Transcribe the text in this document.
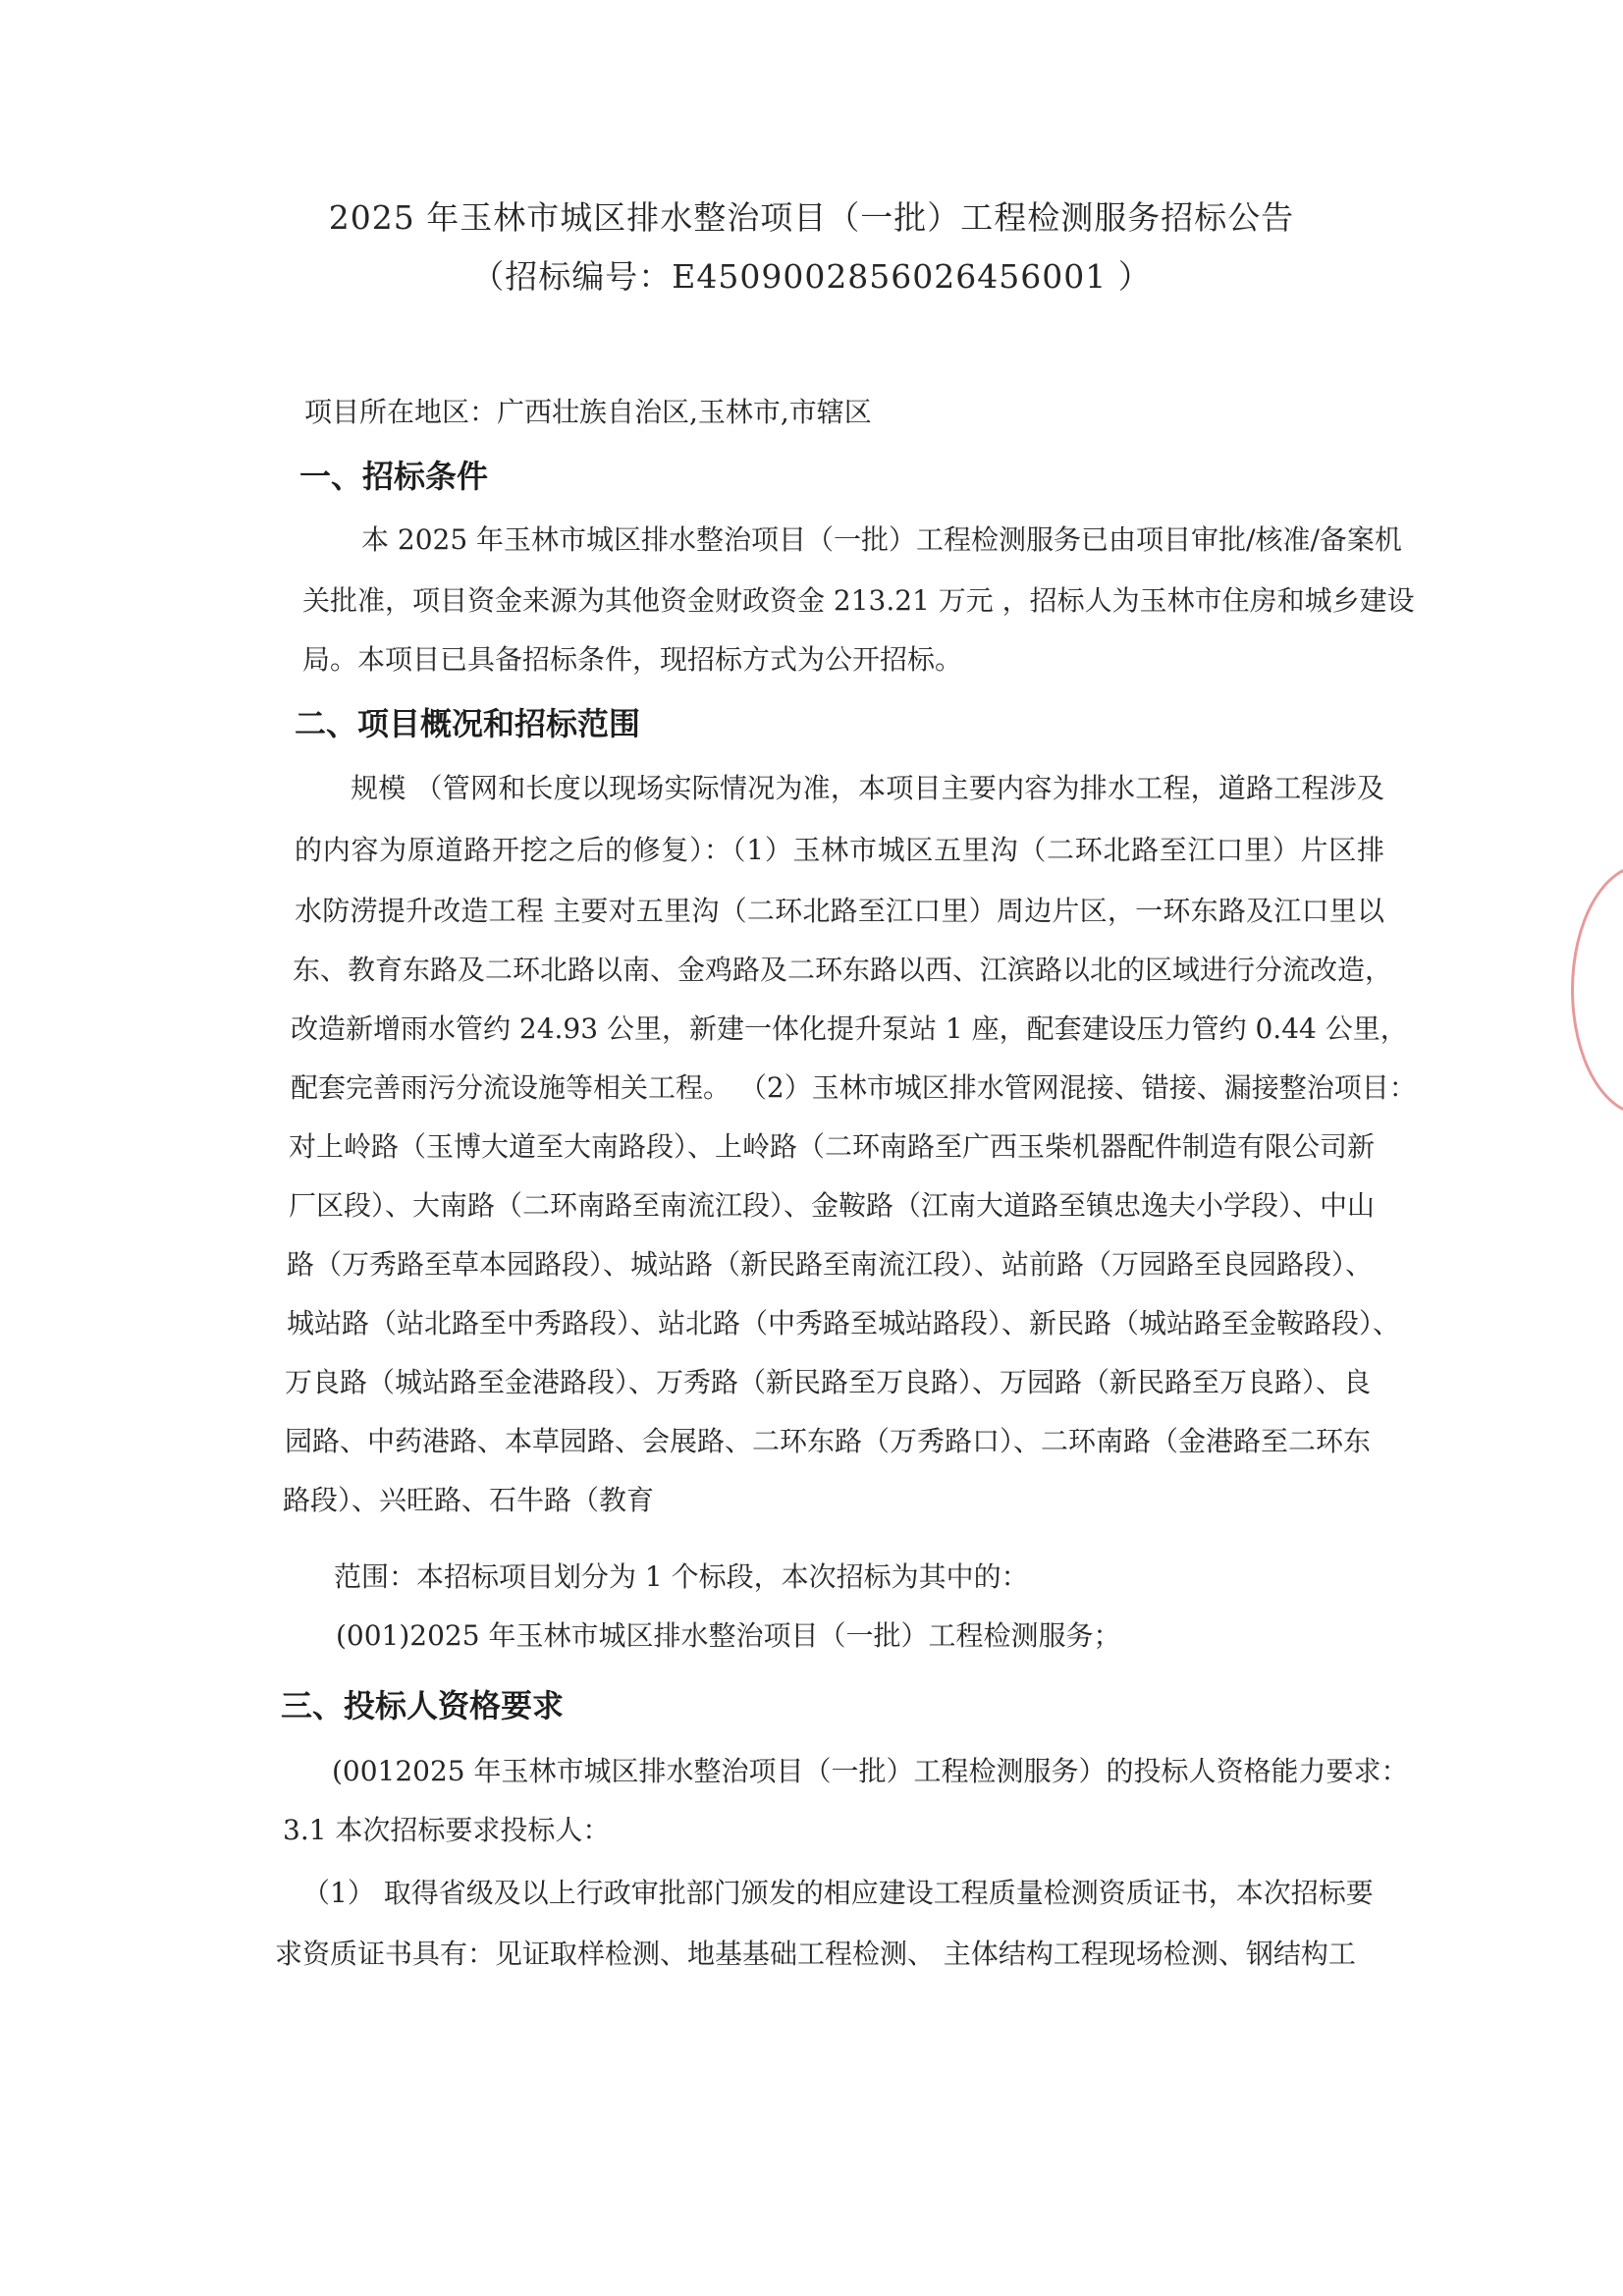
2025 年玉林市城区排水整治项目（一批）工程检测服务招标公告
（招标编号：E4509002856026456001 ）
项目所在地区：广西壮族自治区,玉林市,市辖区
一、招标条件
本 2025 年玉林市城区排水整治项目（一批）工程检测服务已由项目审批/核准/备案机
关批准，项目资金来源为其他资金财政资金 213.21 万元 ，招标人为玉林市住房和城乡建设
局。本项目已具备招标条件，现招标方式为公开招标。
二、项目概况和招标范围
规模 （管网和长度以现场实际情况为准，本项目主要内容为排水工程，道路工程涉及
的内容为原道路开挖之后的修复）：（1）玉林市城区五里沟（二环北路至江口里）片区排
水防涝提升改造工程 主要对五里沟（二环北路至江口里）周边片区，一环东路及江口里以
东、教育东路及二环北路以南、金鸡路及二环东路以西、江滨路以北的区域进行分流改造，
改造新增雨水管约 24.93 公里，新建一体化提升泵站 1 座，配套建设压力管约 0.44 公里，
配套完善雨污分流设施等相关工程。 （2）玉林市城区排水管网混接、错接、漏接整治项目：
对上岭路（玉博大道至大南路段）、上岭路（二环南路至广西玉柴机器配件制造有限公司新
厂区段）、大南路（二环南路至南流江段）、金鞍路（江南大道路至镇忠逸夫小学段）、中山
路（万秀路至草本园路段）、城站路（新民路至南流江段）、站前路（万园路至良园路段）、
城站路（站北路至中秀路段）、站北路（中秀路至城站路段）、新民路（城站路至金鞍路段）、
万良路（城站路至金港路段）、万秀路（新民路至万良路）、万园路（新民路至万良路）、良
园路、中药港路、本草园路、会展路、二环东路（万秀路口）、二环南路（金港路至二环东
路段）、兴旺路、石牛路（教育
范围：本招标项目划分为 1 个标段，本次招标为其中的：
(001)2025 年玉林市城区排水整治项目（一批）工程检测服务；
三、投标人资格要求
(0012025 年玉林市城区排水整治项目（一批）工程检测服务）的投标人资格能力要求：
3.1 本次招标要求投标人：
（1） 取得省级及以上行政审批部门颁发的相应建设工程质量检测资质证书，本次招标要
求资质证书具有：见证取样检测、地基基础工程检测、 主体结构工程现场检测、钢结构工
